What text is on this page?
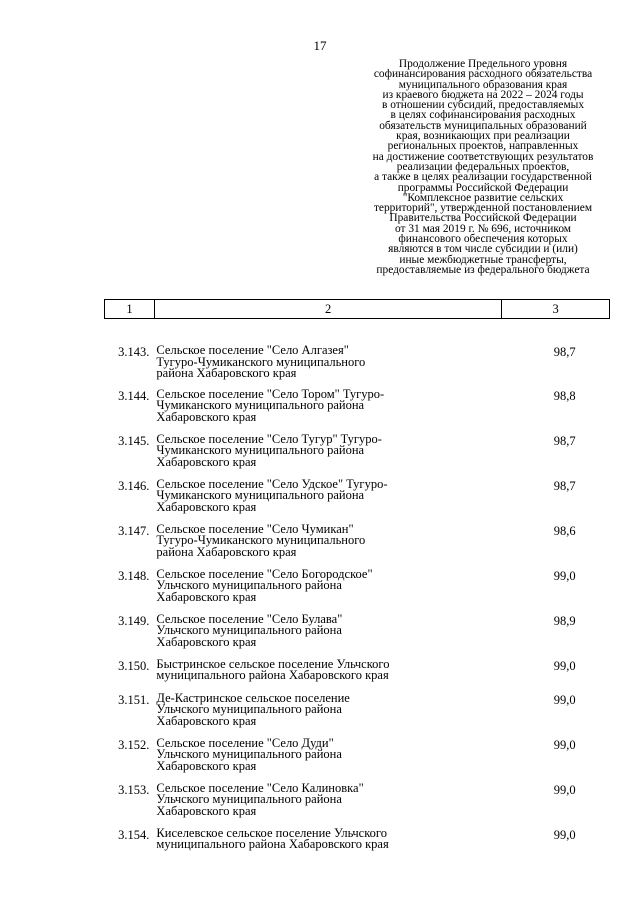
17
Продолжение Предельного уровня
софинансирования расходного обязательства
муниципального образования края
из краевого бюджета на 2022 – 2024 годы
в отношении субсидий, предоставляемых
в целях софинансирования расходных
обязательств муниципальных образований
края, возникающих при реализации
региональных проектов, направленных
на достижение соответствующих результатов
реализации федеральных проектов,
а также в целях реализации государственной
программы Российской Федерации
"Комплексное развитие сельских
территорий", утвержденной постановлением
Правительства Российской Федерации
от 31 мая 2019 г. № 696, источником
финансового обеспечения которых
являются в том числе субсидии и (или)
иные межбюджетные трансферты,
предоставляемые из федерального бюджета
1	2	3
3.143.	Сельское поселение "Село Алгазея"
Тугуро-Чумиканского муниципального
района Хабаровского края	98,7
3.144.	Сельское поселение "Село Тором" Тугуро-
Чумиканского муниципального района
Хабаровского края	98,8
3.145.	Сельское поселение "Село Тугур" Тугуро-
Чумиканского муниципального района
Хабаровского края	98,7
3.146.	Сельское поселение "Село Удское" Тугуро-
Чумиканского муниципального района
Хабаровского края	98,7
3.147.	Сельское поселение "Село Чумикан"
Тугуро-Чумиканского муниципального
района Хабаровского края	98,6
3.148.	Сельское поселение "Село Богородское"
Ульчского муниципального района
Хабаровского края	99,0
3.149.	Сельское поселение "Село Булава"
Ульчского муниципального района
Хабаровского края	98,9
3.150.	Быстринское сельское поселение Ульчского
муниципального района Хабаровского края	99,0
3.151.	Де-Кастринское сельское поселение
Ульчского муниципального района
Хабаровского края	99,0
3.152.	Сельское поселение "Село Дуди"
Ульчского муниципального района
Хабаровского края	99,0
3.153.	Сельское поселение "Село Калиновка"
Ульчского муниципального района
Хабаровского края	99,0
3.154.	Киселевское сельское поселение Ульчского
муниципального района Хабаровского края	99,0
